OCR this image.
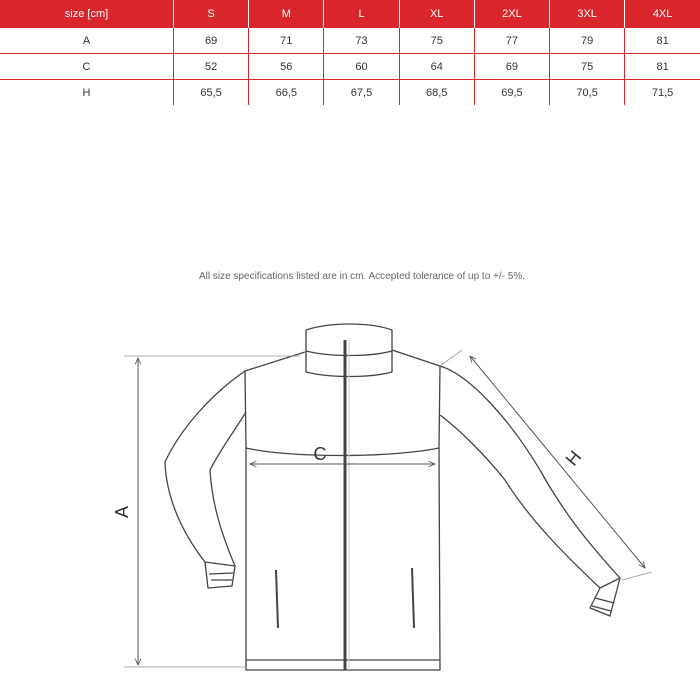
size [cm]	S	M	L	XL	2XL	3XL	4XL
A	69	71	73	75	77	79	81
C	52	56	60	64	69	75	81
H	65,5	66,5	67,5	68,5	69,5	70,5	71,5
All size specifications listed are in cm. Accepted tolerance of up to +/- 5%.
A
C	H
